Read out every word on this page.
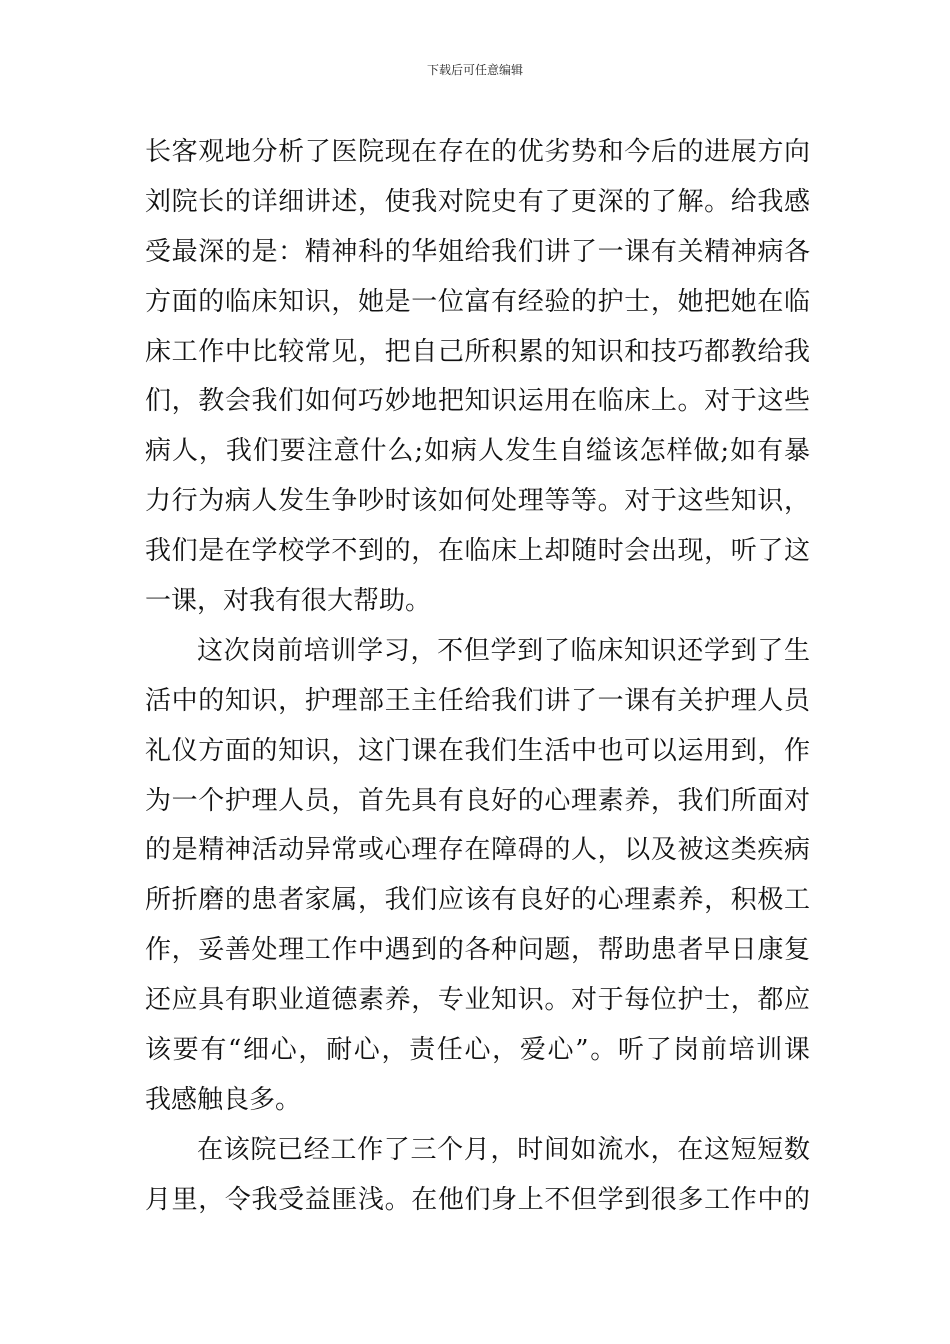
下载后可任意编辑
长客观地分析了医院现在存在的优劣势和今后的进展方向
刘院长的详细讲述，使我对院史有了更深的了解。给我感
受最深的是：精神科的华姐给我们讲了一课有关精神病各
方面的临床知识，她是一位富有经验的护士，她把她在临
床工作中比较常见，把自己所积累的知识和技巧都教给我
们，教会我们如何巧妙地把知识运用在临床上。对于这些
病人，我们要注意什么;如病人发生自缢该怎样做;如有暴
力行为病人发生争吵时该如何处理等等。对于这些知识，
我们是在学校学不到的，在临床上却随时会出现，听了这
一课，对我有很大帮助。
这次岗前培训学习，不但学到了临床知识还学到了生
活中的知识，护理部王主任给我们讲了一课有关护理人员
礼仪方面的知识，这门课在我们生活中也可以运用到，作
为一个护理人员，首先具有良好的心理素养，我们所面对
的是精神活动异常或心理存在障碍的人，以及被这类疾病
所折磨的患者家属，我们应该有良好的心理素养，积极工
作，妥善处理工作中遇到的各种问题，帮助患者早日康复
还应具有职业道德素养，专业知识。对于每位护士，都应
该要有“细心，耐心，责任心，爱心”。听了岗前培训课
我感触良多。
在该院已经工作了三个月，时间如流水，在这短短数
月里，令我受益匪浅。在他们身上不但学到很多工作中的
